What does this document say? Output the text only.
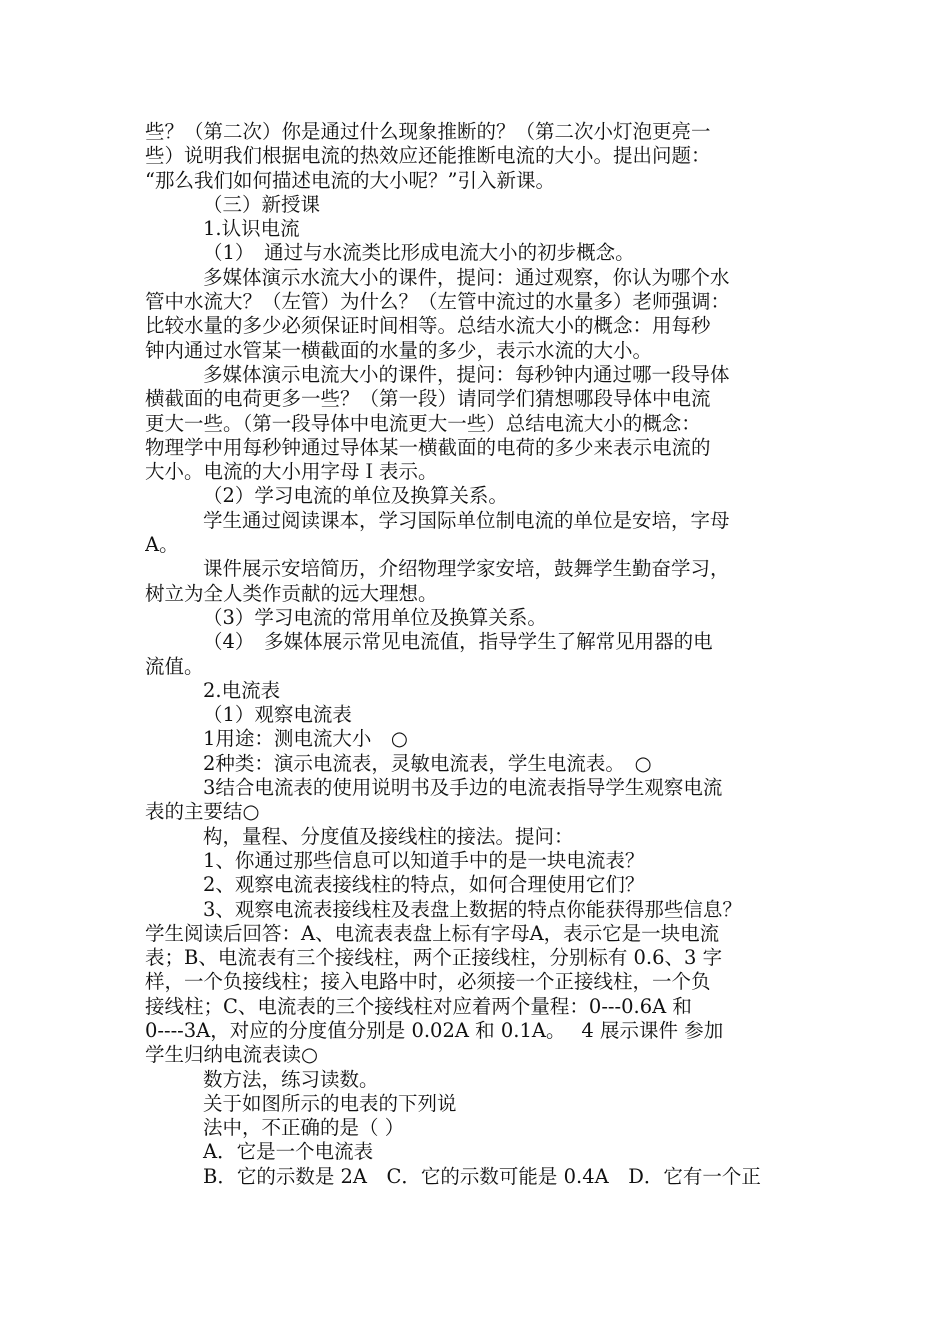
些？（第二次）你是通过什么现象推断的？（第二次小灯泡更亮一
些）说明我们根据电流的热效应还能推断电流的大小。提出问题：
“那么我们如何描述电流的大小呢？”引入新课。
（三）新授课
1.认识电流
（1）　通过与水流类比形成电流大小的初步概念。
多媒体演示水流大小的课件，提问：通过观察，你认为哪个水
管中水流大？（左管）为什么？（左管中流过的水量多）老师强调：
比较水量的多少必须保证时间相等。总结水流大小的概念：用每秒
钟内通过水管某一横截面的水量的多少，表示水流的大小。
多媒体演示电流大小的课件，提问：每秒钟内通过哪一段导体
横截面的电荷更多一些？（第一段）请同学们猜想哪段导体中电流
更大一些。（第一段导体中电流更大一些）总结电流大小的概念：
物理学中用每秒钟通过导体某一横截面的电荷的多少来表示电流的
大小。电流的大小用字母Ｉ表示。
（2）学习电流的单位及换算关系。
学生通过阅读课本，学习国际单位制电流的单位是安培，字母
A。
课件展示安培简历，介绍物理学家安培，鼓舞学生勤奋学习，
树立为全人类作贡献的远大理想。
（3）学习电流的常用单位及换算关系。
（4）　多媒体展示常见电流值，指导学生了解常见用器的电
流值。
2.电流表
（1）观察电流表
1用途：测电流大小　○
2种类：演示电流表，灵敏电流表，学生电流表。　○
3结合电流表的使用说明书及手边的电流表指导学生观察电流
表的主要结○
构，量程、分度值及接线柱的接法。提问：
1、你通过那些信息可以知道手中的是一块电流表？
2、观察电流表接线柱的特点，如何合理使用它们？
3、观察电流表接线柱及表盘上数据的特点你能获得那些信息？
学生阅读后回答：A、电流表表盘上标有字母A，表示它是一块电流
表；B、电流表有三个接线柱，两个正接线柱，分别标有 0.6、3 字
样，一个负接线柱；接入电路中时，必须接一个正接线柱，一个负
接线柱；C、电流表的三个接线柱对应着两个量程：0---0.6A 和
0----3A，对应的分度值分别是 0.02A 和 0.1A。　 4 展示课件 参加
学生归纳电流表读○
数方法，练习读数。
关于如图所示的电表的下列说
法中，不正确的是（ ）
A．它是一个电流表
B．它的示数是 2A　C．它的示数可能是 0.4A　D．它有一个正
